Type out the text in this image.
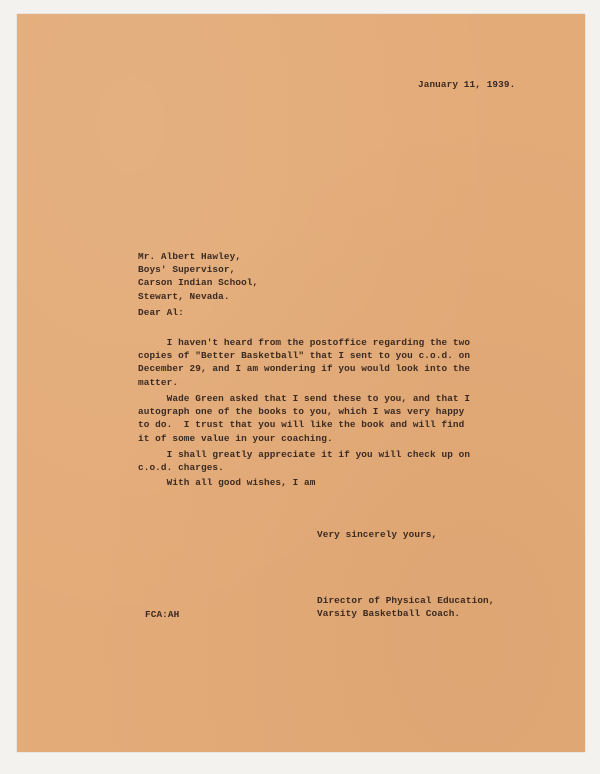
January 11, 1939.
Mr. Albert Hawley,
Boys' Supervisor,
Carson Indian School,
Stewart, Nevada.
Dear Al:
I haven't heard from the postoffice regarding the two
copies of "Better Basketball" that I sent to you c.o.d. on
December 29, and I am wondering if you would look into the
matter.
Wade Green asked that I send these to you, and that I
autograph one of the books to you, which I was very happy
to do.  I trust that you will like the book and will find
it of some value in your coaching.
I shall greatly appreciate it if you will check up on
c.o.d. charges.
With all good wishes, I am
Very sincerely yours,
Director of Physical Education,
Varsity Basketball Coach.
FCA:AH
